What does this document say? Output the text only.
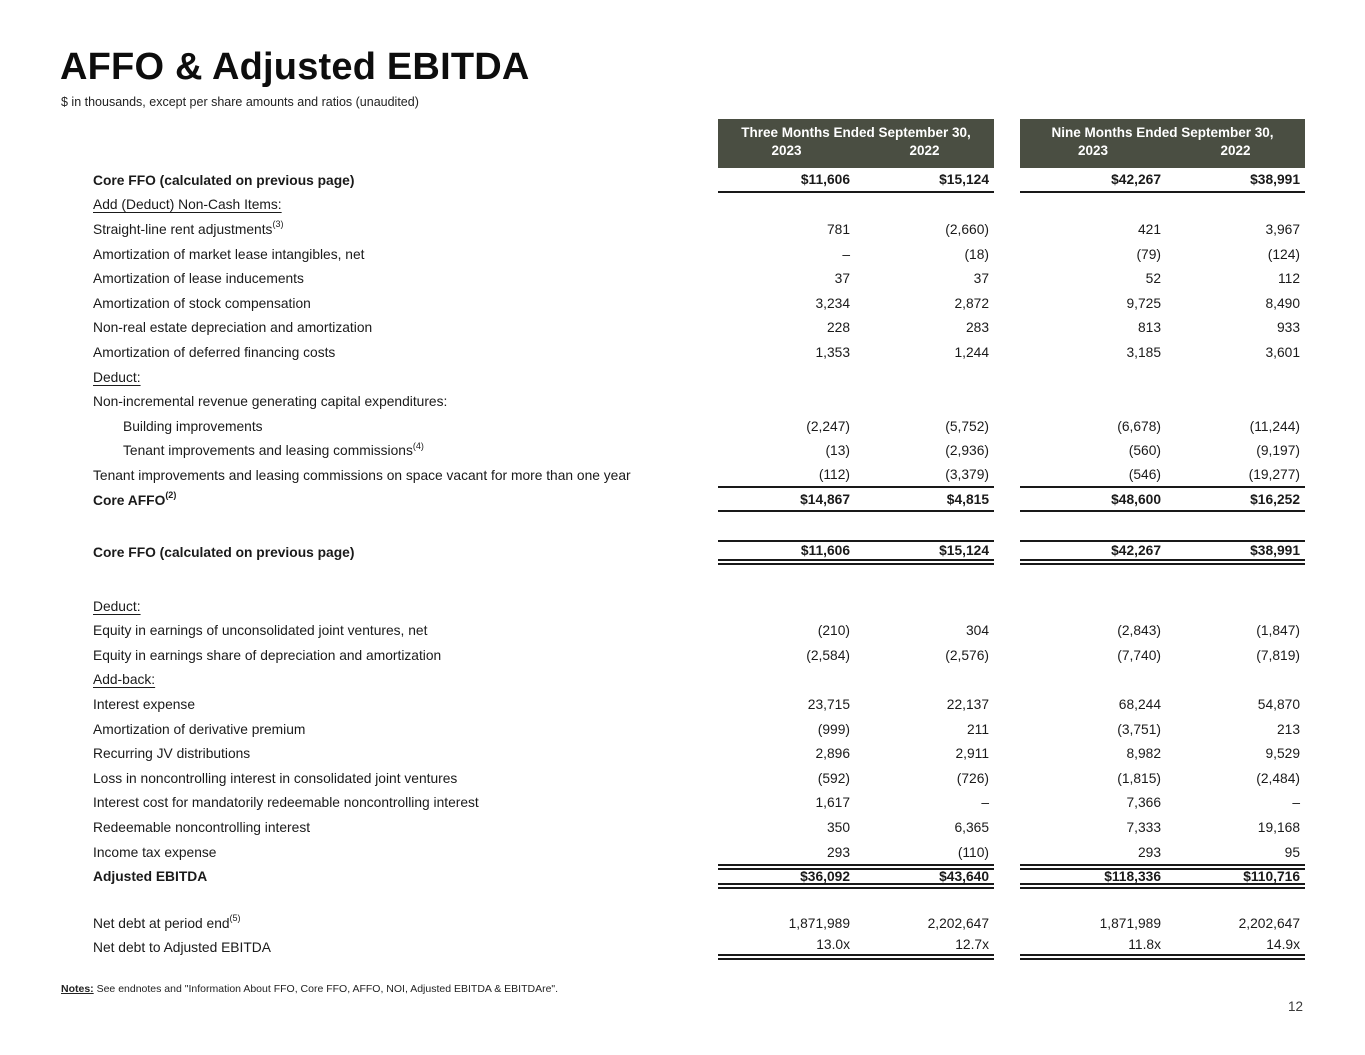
AFFO & Adjusted EBITDA
$ in thousands, except per share amounts and ratios (unaudited)
Three Months Ended September 30,
2023	2022
Nine Months Ended September 30,
2023	2022
Core FFO (calculated on previous page)	$11,606	$15,124	$42,267	$38,991
Add (Deduct) Non-Cash Items:
Straight-line rent adjustments$^{(3)}$	781	(2,660)	421	3,967
Amortization of market lease intangibles, net	–	(18)	(79)	(124)
Amortization of lease inducements	37	37	52	112
Amortization of stock compensation	3,234	2,872	9,725	8,490
Non-real estate depreciation and amortization	228	283	813	933
Amortization of deferred financing costs	1,353	1,244	3,185	3,601
Deduct:
Non-incremental revenue generating capital expenditures:
Building improvements	(2,247)	(5,752)	(6,678)	(11,244)
Tenant improvements and leasing commissions$^{(4)}$	(13)	(2,936)	(560)	(9,197)
Tenant improvements and leasing commissions on space vacant for more than one year	(112)	(3,379)	(546)	(19,277)
Core AFFO$^{(2)}$	$14,867	$4,815	$48,600	$16,252
Core FFO (calculated on previous page)	$11,606	$15,124	$42,267	$38,991
Deduct:
Equity in earnings of unconsolidated joint ventures, net	(210)	304	(2,843)	(1,847)
Equity in earnings share of depreciation and amortization	(2,584)	(2,576)	(7,740)	(7,819)
Add-back:
Interest expense	23,715	22,137	68,244	54,870
Amortization of derivative premium	(999)	211	(3,751)	213
Recurring JV distributions	2,896	2,911	8,982	9,529
Loss in noncontrolling interest in consolidated joint ventures	(592)	(726)	(1,815)	(2,484)
Interest cost for mandatorily redeemable noncontrolling interest	1,617	–	7,366	–
Redeemable noncontrolling interest	350	6,365	7,333	19,168
Income tax expense	293	(110)	293	95
Adjusted EBITDA	$36,092	$43,640	$118,336	$110,716
Net debt at period end$^{(5)}$	1,871,989	2,202,647	1,871,989	2,202,647
Net debt to Adjusted EBITDA	13.0x	12.7x	11.8x	14.9x
Notes: See endnotes and "Information About FFO, Core FFO, AFFO, NOI, Adjusted EBITDA & EBITDAre".
12
